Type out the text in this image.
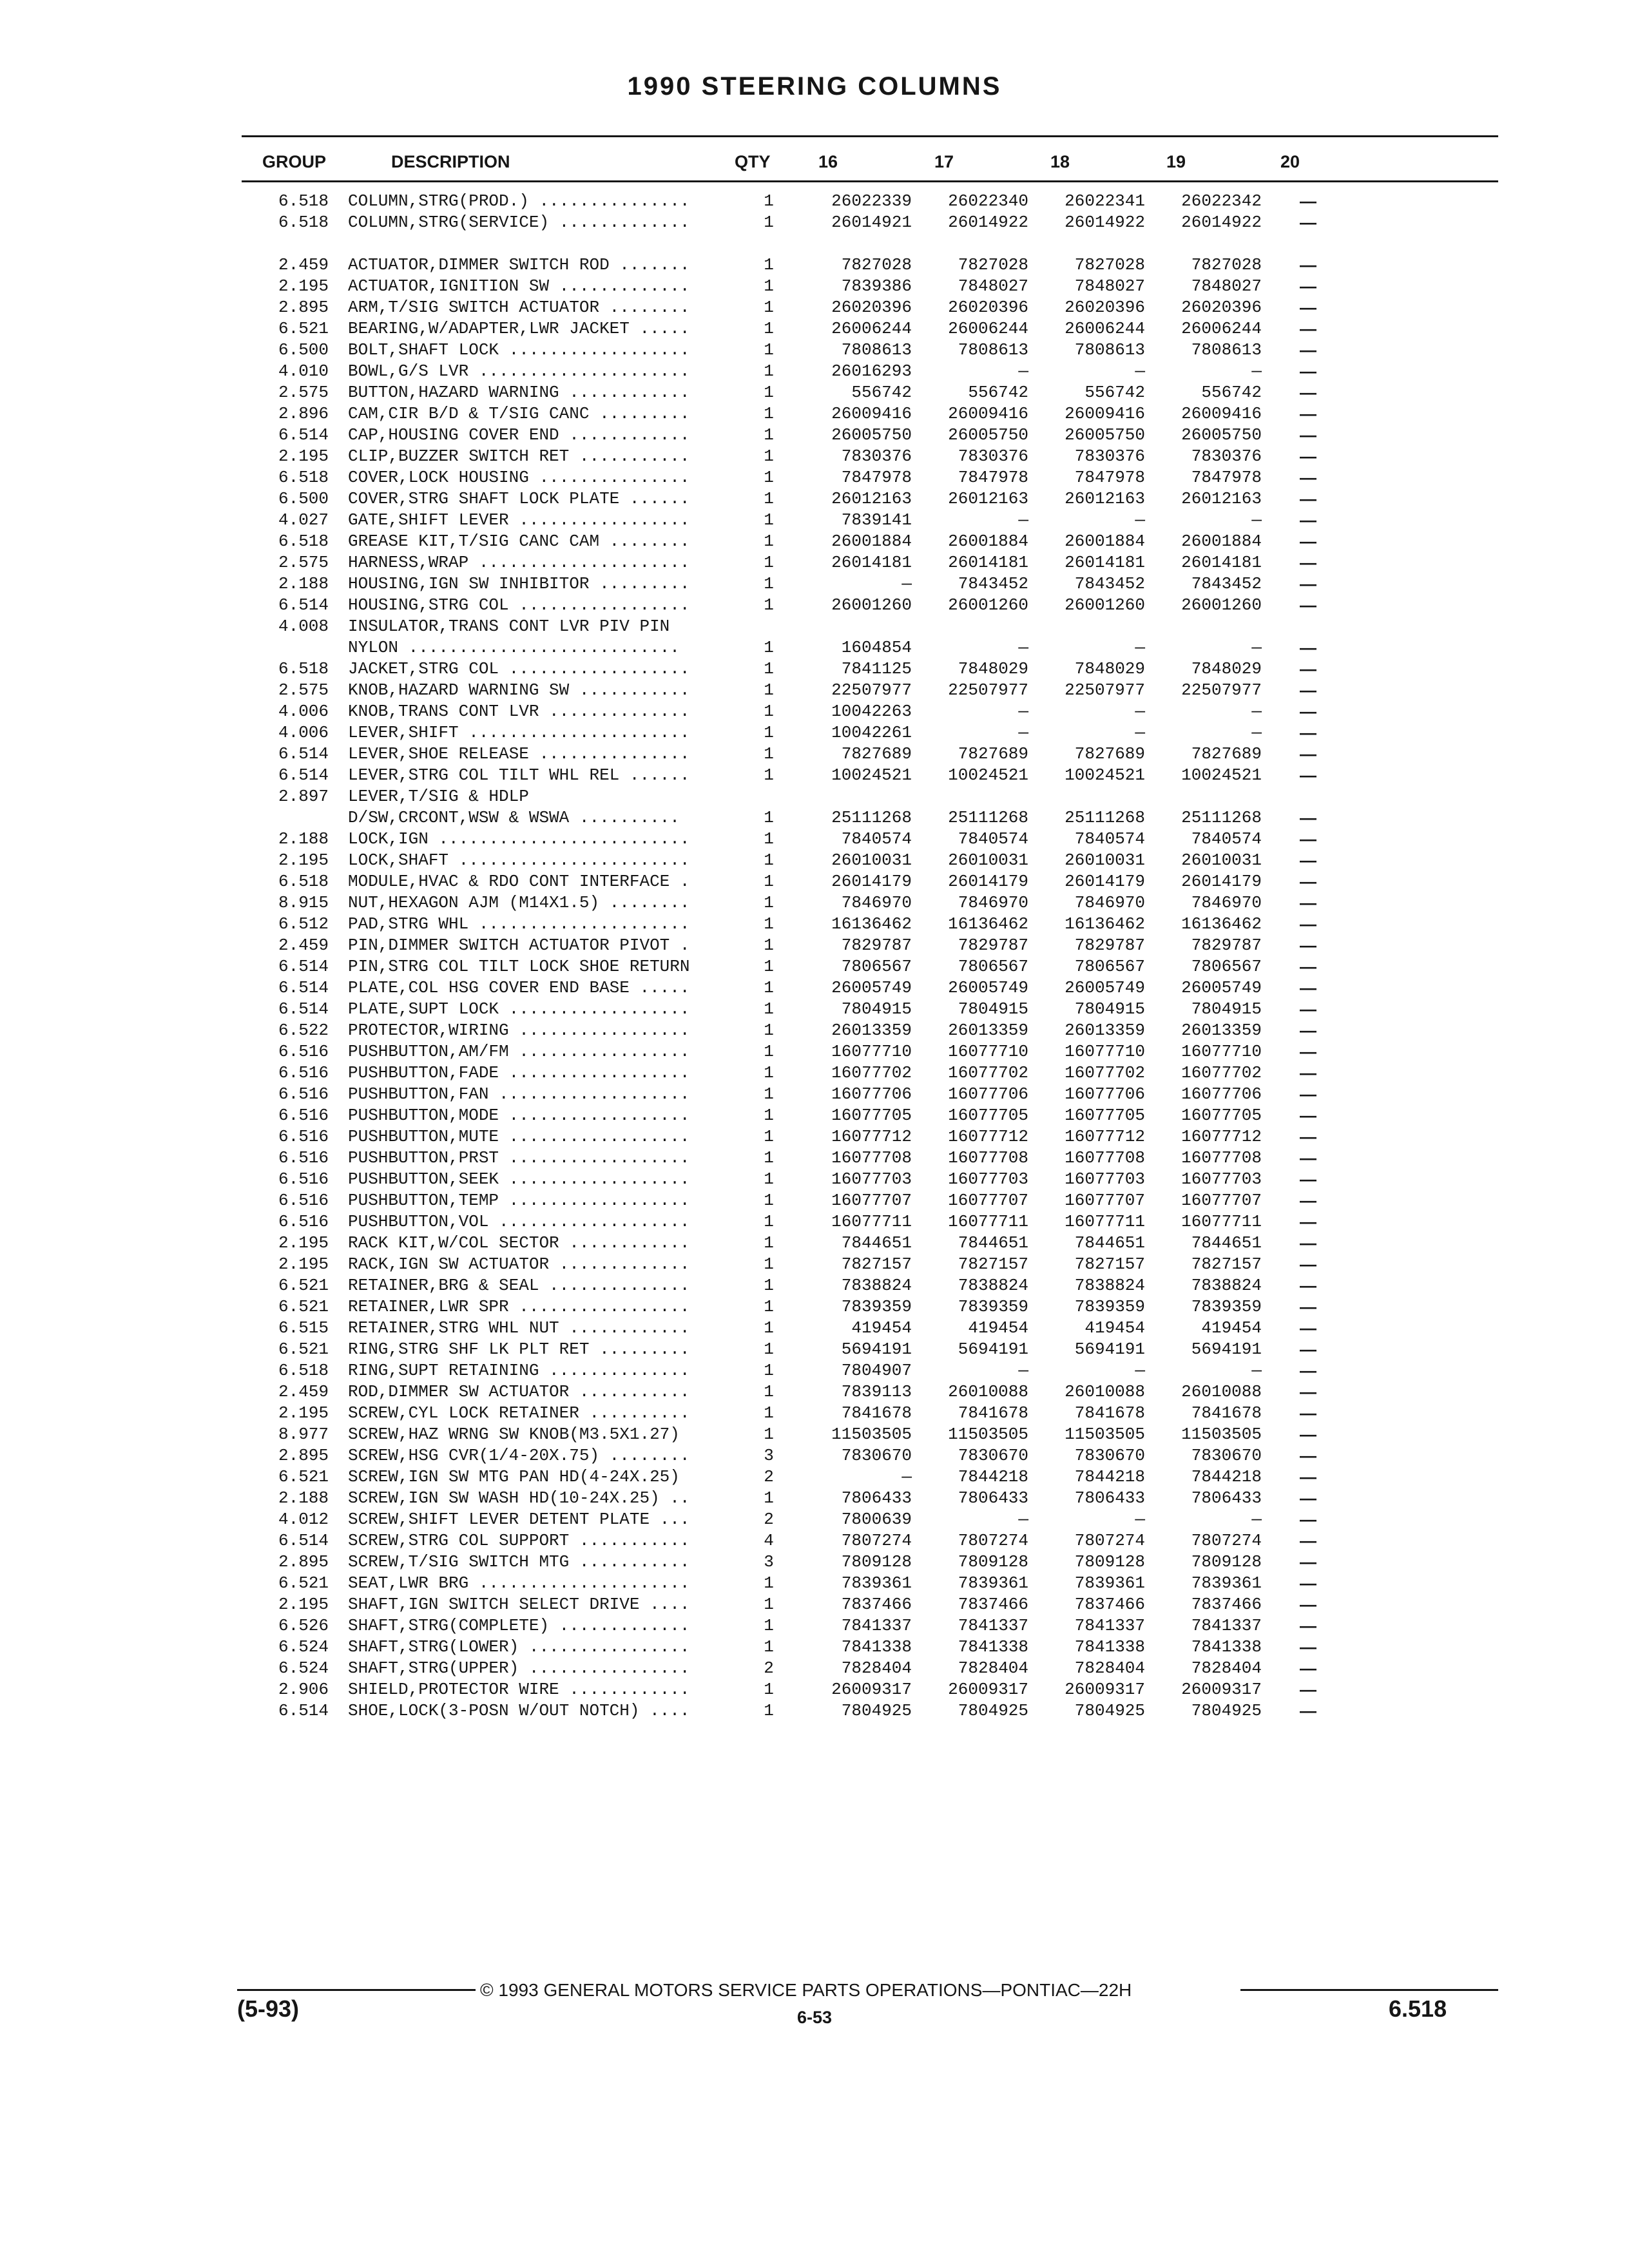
1990 STEERING COLUMNS
GROUP	DESCRIPTION	QTY	16	17	18	19	20
6.518 COLUMN,STRG(PROD.) ...............	1	26022339	26022340	26022341	26022342	—
6.518 COLUMN,STRG(SERVICE) .............	1	26014921	26014922	26014922	26014922	—
2.459 ACTUATOR,DIMMER SWITCH ROD .......	1	7827028	7827028	7827028	7827028	—
2.195 ACTUATOR,IGNITION SW .............	1	7839386	7848027	7848027	7848027	—
2.895 ARM,T/SIG SWITCH ACTUATOR ........	1	26020396	26020396	26020396	26020396	—
6.521 BEARING,W/ADAPTER,LWR JACKET .....	1	26006244	26006244	26006244	26006244	—
6.500 BOLT,SHAFT LOCK ..................	1	7808613	7808613	7808613	7808613	—
4.010 BOWL,G/S LVR .....................	1	26016293	—	—	—	—
2.575 BUTTON,HAZARD WARNING ............	1	556742	556742	556742	556742	—
2.896 CAM,CIR B/D & T/SIG CANC .........	1	26009416	26009416	26009416	26009416	—
6.514 CAP,HOUSING COVER END ............	1	26005750	26005750	26005750	26005750	—
2.195 CLIP,BUZZER SWITCH RET ...........	1	7830376	7830376	7830376	7830376	—
6.518 COVER,LOCK HOUSING ...............	1	7847978	7847978	7847978	7847978	—
6.500 COVER,STRG SHAFT LOCK PLATE ......	1	26012163	26012163	26012163	26012163	—
4.027 GATE,SHIFT LEVER .................	1	7839141	—	—	—	—
6.518 GREASE KIT,T/SIG CANC CAM ........	1	26001884	26001884	26001884	26001884	—
2.575 HARNESS,WRAP .....................	1	26014181	26014181	26014181	26014181	—
2.188 HOUSING,IGN SW INHIBITOR .........	1	—	7843452	7843452	7843452	—
6.514 HOUSING,STRG COL .................	1	26001260	26001260	26001260	26001260	—
4.008 INSULATOR,TRANS CONT LVR PIV PIN
NYLON ...........................	1	1604854	—	—	—	—
6.518 JACKET,STRG COL ..................	1	7841125	7848029	7848029	7848029	—
2.575 KNOB,HAZARD WARNING SW ...........	1	22507977	22507977	22507977	22507977	—
4.006 KNOB,TRANS CONT LVR ..............	1	10042263	—	—	—	—
4.006 LEVER,SHIFT ......................	1	10042261	—	—	—	—
6.514 LEVER,SHOE RELEASE ...............	1	7827689	7827689	7827689	7827689	—
6.514 LEVER,STRG COL TILT WHL REL ......	1	10024521	10024521	10024521	10024521	—
2.897 LEVER,T/SIG & HDLP
D/SW,CRCONT,WSW & WSWA ..........	1	25111268	25111268	25111268	25111268	—
2.188 LOCK,IGN .........................	1	7840574	7840574	7840574	7840574	—
2.195 LOCK,SHAFT .......................	1	26010031	26010031	26010031	26010031	—
6.518 MODULE,HVAC & RDO CONT INTERFACE .	1	26014179	26014179	26014179	26014179	—
8.915 NUT,HEXAGON AJM (M14X1.5) ........	1	7846970	7846970	7846970	7846970	—
6.512 PAD,STRG WHL .....................	1	16136462	16136462	16136462	16136462	—
2.459 PIN,DIMMER SWITCH ACTUATOR PIVOT .	1	7829787	7829787	7829787	7829787	—
6.514 PIN,STRG COL TILT LOCK SHOE RETURN	1	7806567	7806567	7806567	7806567	—
6.514 PLATE,COL HSG COVER END BASE .....	1	26005749	26005749	26005749	26005749	—
6.514 PLATE,SUPT LOCK ..................	1	7804915	7804915	7804915	7804915	—
6.522 PROTECTOR,WIRING .................	1	26013359	26013359	26013359	26013359	—
6.516 PUSHBUTTON,AM/FM .................	1	16077710	16077710	16077710	16077710	—
6.516 PUSHBUTTON,FADE ..................	1	16077702	16077702	16077702	16077702	—
6.516 PUSHBUTTON,FAN ...................	1	16077706	16077706	16077706	16077706	—
6.516 PUSHBUTTON,MODE ..................	1	16077705	16077705	16077705	16077705	—
6.516 PUSHBUTTON,MUTE ..................	1	16077712	16077712	16077712	16077712	—
6.516 PUSHBUTTON,PRST ..................	1	16077708	16077708	16077708	16077708	—
6.516 PUSHBUTTON,SEEK ..................	1	16077703	16077703	16077703	16077703	—
6.516 PUSHBUTTON,TEMP ..................	1	16077707	16077707	16077707	16077707	—
6.516 PUSHBUTTON,VOL ...................	1	16077711	16077711	16077711	16077711	—
2.195 RACK KIT,W/COL SECTOR ............	1	7844651	7844651	7844651	7844651	—
2.195 RACK,IGN SW ACTUATOR .............	1	7827157	7827157	7827157	7827157	—
6.521 RETAINER,BRG & SEAL ..............	1	7838824	7838824	7838824	7838824	—
6.521 RETAINER,LWR SPR .................	1	7839359	7839359	7839359	7839359	—
6.515 RETAINER,STRG WHL NUT ............	1	419454	419454	419454	419454	—
6.521 RING,STRG SHF LK PLT RET .........	1	5694191	5694191	5694191	5694191	—
6.518 RING,SUPT RETAINING ..............	1	7804907	—	—	—	—
2.459 ROD,DIMMER SW ACTUATOR ...........	1	7839113	26010088	26010088	26010088	—
2.195 SCREW,CYL LOCK RETAINER ..........	1	7841678	7841678	7841678	7841678	—
8.977 SCREW,HAZ WRNG SW KNOB(M3.5X1.27)	1	11503505	11503505	11503505	11503505	—
2.895 SCREW,HSG CVR(1/4-20X.75) ........	3	7830670	7830670	7830670	7830670	—
6.521 SCREW,IGN SW MTG PAN HD(4-24X.25)	2	—	7844218	7844218	7844218	—
2.188 SCREW,IGN SW WASH HD(10-24X.25) ..	1	7806433	7806433	7806433	7806433	—
4.012 SCREW,SHIFT LEVER DETENT PLATE ...	2	7800639	—	—	—	—
6.514 SCREW,STRG COL SUPPORT ...........	4	7807274	7807274	7807274	7807274	—
2.895 SCREW,T/SIG SWITCH MTG ...........	3	7809128	7809128	7809128	7809128	—
6.521 SEAT,LWR BRG .....................	1	7839361	7839361	7839361	7839361	—
2.195 SHAFT,IGN SWITCH SELECT DRIVE ....	1	7837466	7837466	7837466	7837466	—
6.526 SHAFT,STRG(COMPLETE) .............	1	7841337	7841337	7841337	7841337	—
6.524 SHAFT,STRG(LOWER) ................	1	7841338	7841338	7841338	7841338	—
6.524 SHAFT,STRG(UPPER) ................	2	7828404	7828404	7828404	7828404	—
2.906 SHIELD,PROTECTOR WIRE ............	1	26009317	26009317	26009317	26009317	—
6.514 SHOE,LOCK(3-POSN W/OUT NOTCH) ....	1	7804925	7804925	7804925	7804925	—
© 1993 GENERAL MOTORS SERVICE PARTS OPERATIONS—PONTIAC—22H
(5-93)	6-53	6.518
